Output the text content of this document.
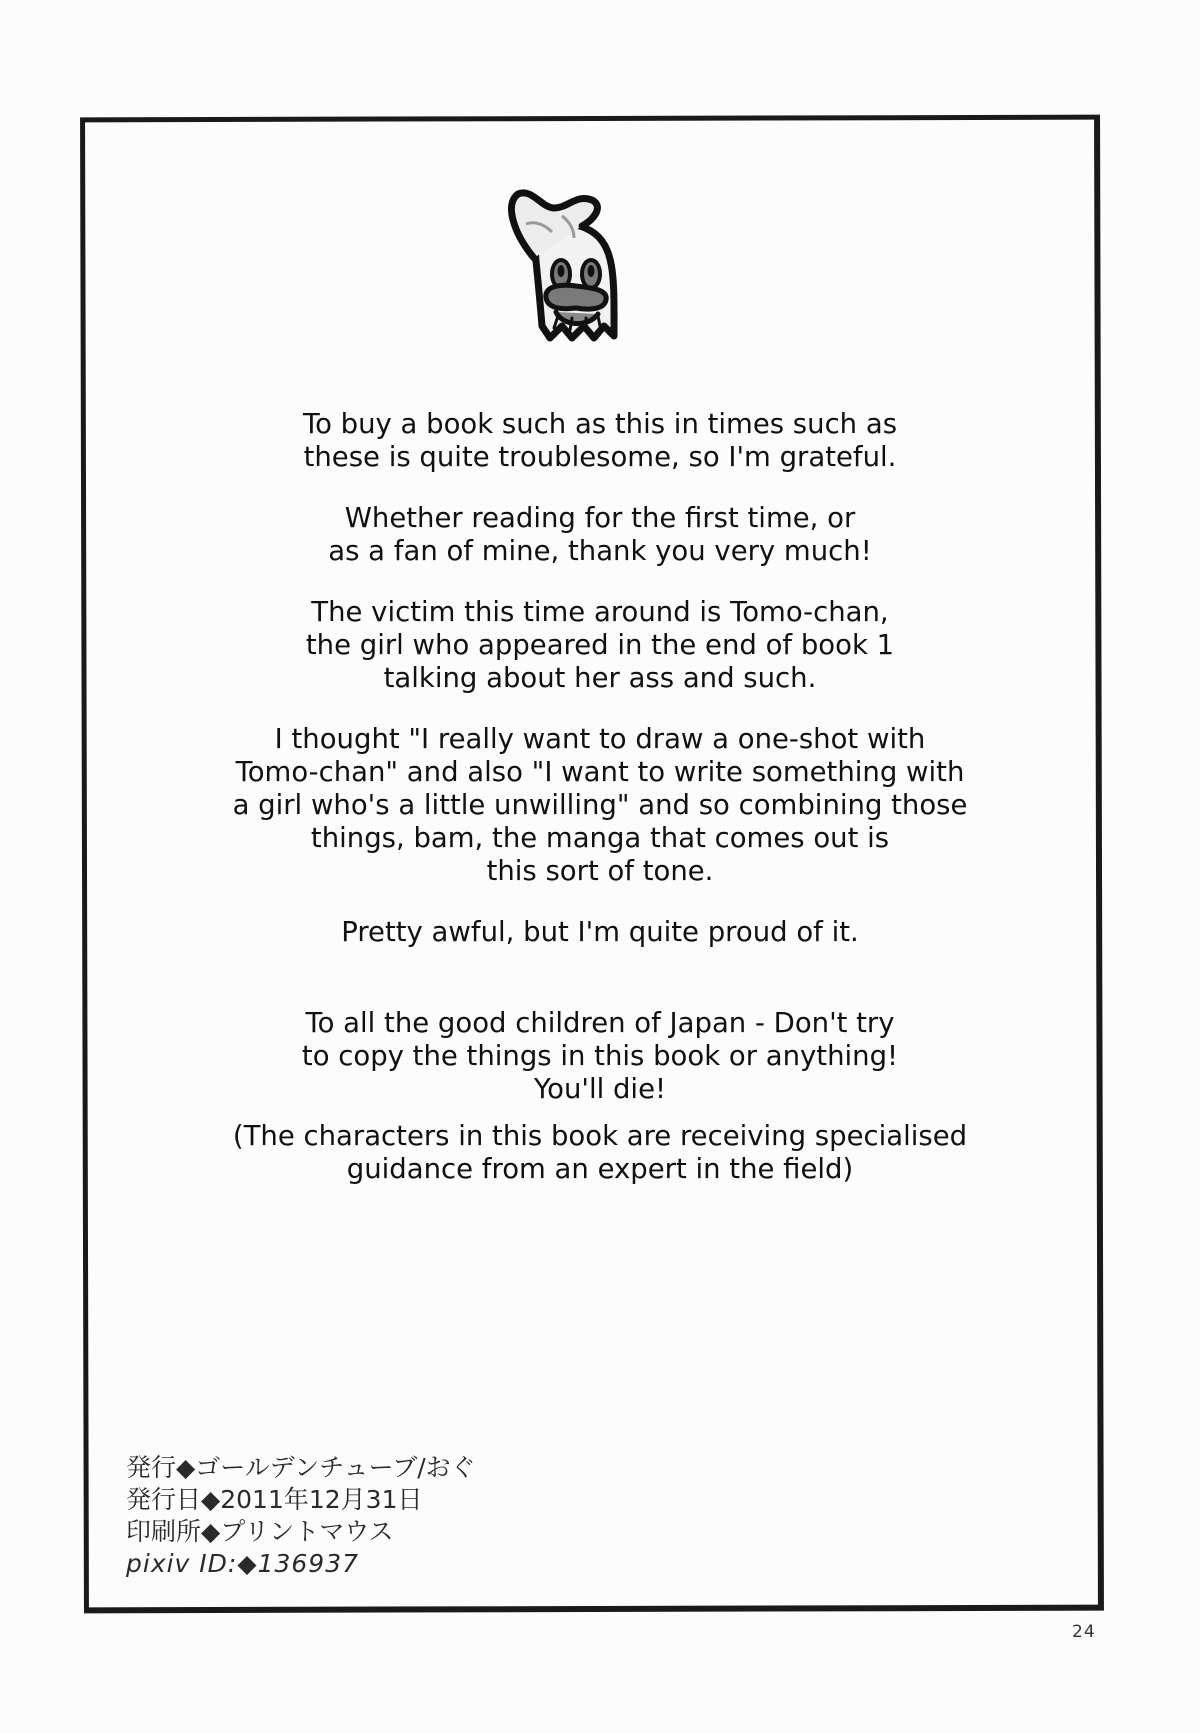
To buy a book such as this in times such as
these is quite troublesome, so I'm grateful.

Whether reading for the first time, or
as a fan of mine, thank you very much!

The victim this time around is Tomo-chan,
the girl who appeared in the end of book 1
talking about her ass and such.

I thought "I really want to draw a one-shot with
Tomo-chan" and also "I want to write something with
a girl who's a little unwilling" and so combining those
things, bam, the manga that comes out is
this sort of tone.

Pretty awful, but I'm quite proud of it.

To all the good children of Japan - Don't try
to copy the things in this book or anything!
You'll die!

(The characters in this book are receiving specialised
guidance from an expert in the field)

発行◆ゴールデンチューブ/おぐ
発行日◆2011年12月31日
印刷所◆プリントマウス
pixiv ID:◆136937
24
